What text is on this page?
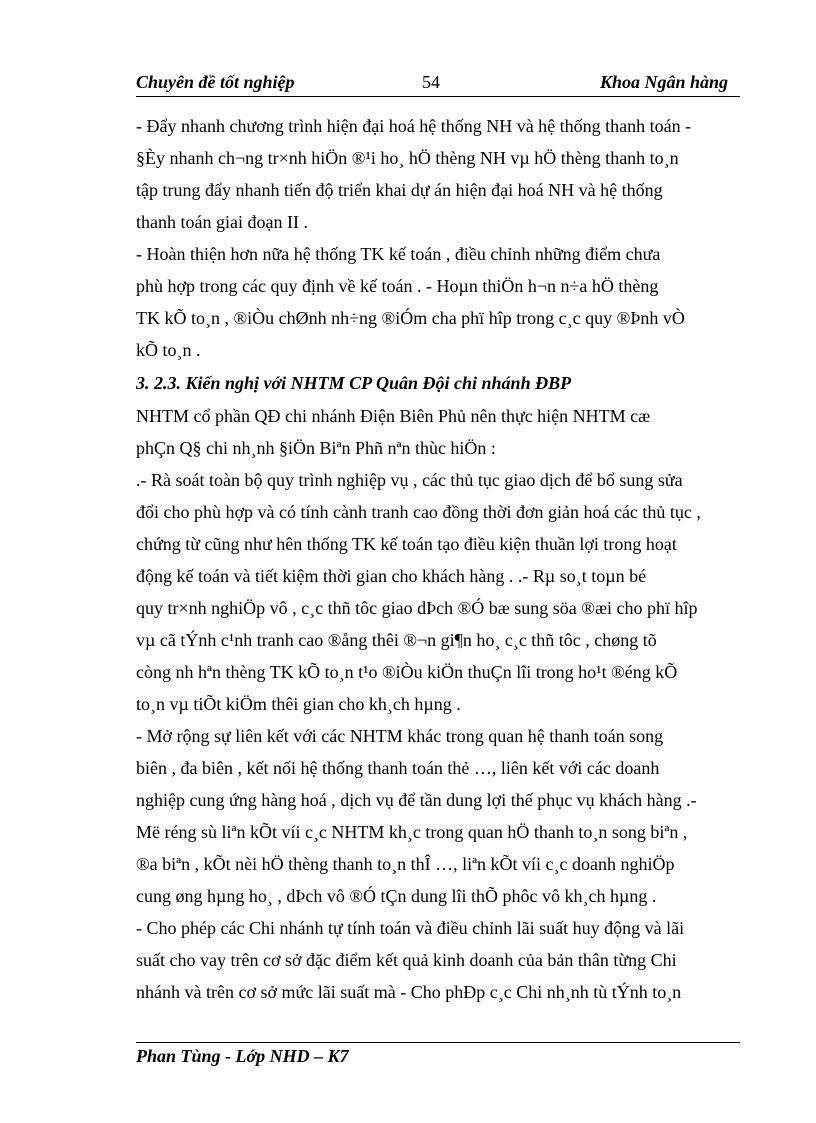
Chuyên đề tốt nghiệp	54	Khoa Ngân hàng
- Đẩy nhanh chương trình hiện đại hoá hệ thống NH và hệ thống thanh toán -
§Èy nhanh ch¬ng tr×nh hiÖn ®¹i ho¸ hÖ thèng NH vµ hÖ thèng thanh to¸n
tập trung đẩy nhanh tiến độ triển khai dự án hiện đại hoá NH và hệ thống
thanh toán giai đoạn II .
- Hoàn thiện hơn nữa hệ thống TK kế toán , điều chỉnh những điểm chưa
phù hợp trong các quy định về kế toán . - Hoµn thiÖn h¬n n÷a hÖ thèng
TK kÕ to¸n , ®iÒu chØnh nh÷ng ®iÓm cha phï hîp trong c¸c quy ®Þnh vÒ
kÕ to¸n .
3. 2.3. Kiến nghị với NHTM CP Quân Đội chi nhánh ĐBP
NHTM cổ phần QĐ chi nhánh Điện Biên Phủ nên thực hiện NHTM cæ
phÇn Q§ chi nh¸nh §iÖn Biªn Phñ nªn thùc hiÖn :
.- Rà soát toàn bộ quy trình nghiệp vụ , các thủ tục giao dịch để bổ sung sửa
đổi cho phù hợp và có tính cành tranh cao đồng thời đơn giản hoá các thủ tục ,
chứng từ cũng như hên thống TK kế toán tạo điều kiện thuần lợi trong hoạt
động kế toán và tiết kiệm thời gian cho khách hàng . .- Rµ so¸t toµn bé
quy tr×nh nghiÖp vô , c¸c thñ tôc giao dÞch ®Ó bæ sung söa ®æi cho phï hîp
vµ cã tÝnh c¹nh tranh cao ®ång thêi ®¬n gi¶n ho¸ c¸c thñ tôc , chøng tõ
còng nh hªn thèng TK kÕ to¸n t¹o ®iÒu kiÖn thuÇn lîi trong ho¹t ®éng kÕ
to¸n vµ tiÕt kiÖm thêi gian cho kh¸ch hµng .
- Mở rộng sự liên kết với các NHTM khác trong quan hệ thanh toán song
biên , đa biên , kết nối hệ thống thanh toán thẻ …, liên kết với các doanh
nghiệp cung ứng hàng hoá , dịch vụ để tần dung lợi thế phục vụ khách hàng .-
Më réng sù liªn kÕt víi c¸c NHTM kh¸c trong quan hÖ thanh to¸n song biªn ,
®a biªn , kÕt nèi hÖ thèng thanh to¸n thÎ …, liªn kÕt víi c¸c doanh nghiÖp
cung øng hµng ho¸ , dÞch vô ®Ó tÇn dung lîi thÕ phôc vô kh¸ch hµng .
- Cho phép các Chi nhánh tự tính toán và điều chỉnh lãi suất huy động và lãi
suất cho vay trên cơ sở đặc điểm kết quả kinh doanh của bản thân từng Chi
nhánh và trên cơ sở mức lãi suất mà - Cho phÐp c¸c Chi nh¸nh tù tÝnh to¸n
Phan Tùng - Lớp NHD – K7
